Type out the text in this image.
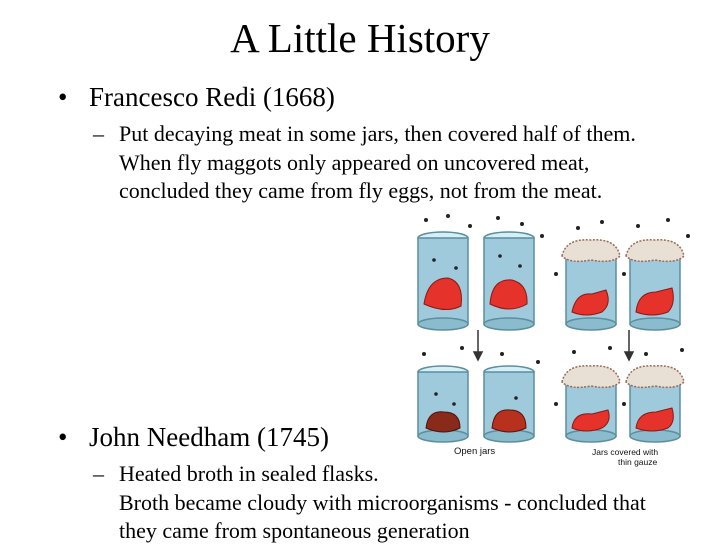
A Little History
• Francesco Redi (1668)
– Put decaying meat in some jars, then covered half of them. When fly maggots only appeared on uncovered meat, concluded they came from fly eggs, not from the meat.
Open jars	Jars covered with
thin gauze
• John Needham (1745)
– Heated broth in sealed flasks.
Broth became cloudy with microorganisms - concluded that they came from spontaneous generation
